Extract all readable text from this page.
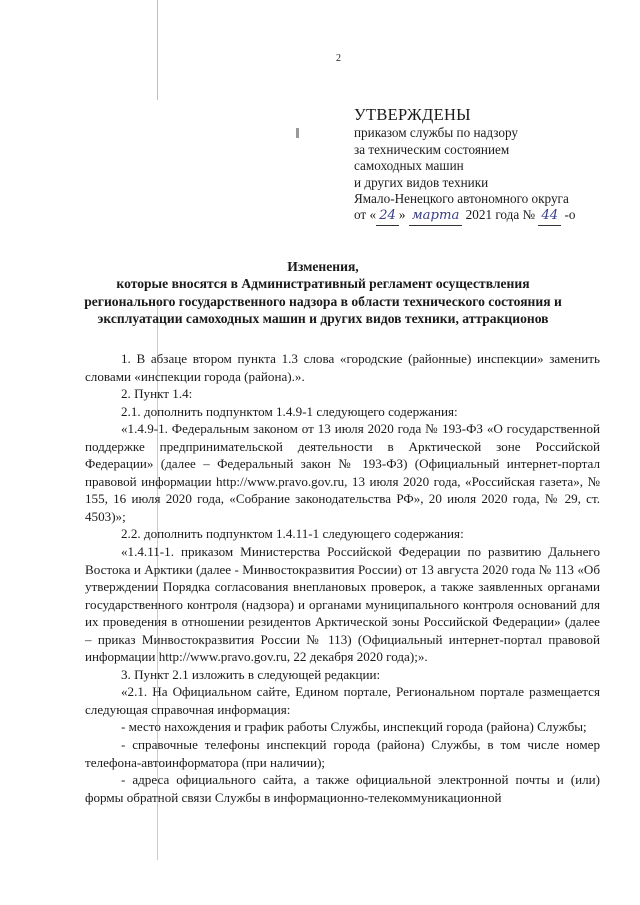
2
УТВЕРЖДЕНЫ
приказом службы по надзору
за техническим состоянием
самоходных машин
и других видов техники
Ямало-Ненецкого автономного округа
от « 24 » марта 2021 года № 44 -о
Изменения,
которые вносятся в Административный регламент осуществления
регионального государственного надзора в области технического состояния и
эксплуатации самоходных машин и других видов техники, аттракционов

1. В абзаце втором пункта 1.3 слова «городские (районные) инспекции» заменить словами «инспекции города (района).».

2. Пункт 1.4:

2.1. дополнить подпунктом 1.4.9-1 следующего содержания:

«1.4.9-1. Федеральным законом от 13 июля 2020 года № 193-ФЗ «О государственной поддержке предпринимательской деятельности в Арктической зоне Российской Федерации» (далее – Федеральный закон № 193-ФЗ) (Официальный интернет-портал правовой информации http://www.pravo.gov.ru, 13 июля 2020 года, «Российская газета», № 155, 16 июля 2020 года, «Собрание законодательства РФ», 20 июля 2020 года, № 29, ст. 4503)»;

2.2. дополнить подпунктом 1.4.11-1 следующего содержания:

«1.4.11-1. приказом Министерства Российской Федерации по развитию Дальнего Востока и Арктики (далее - Минвостокразвития России) от 13 августа 2020 года № 113 «Об утверждении Порядка согласования внеплановых проверок, а также заявленных органами государственного контроля (надзора) и органами муниципального контроля оснований для их проведения в отношении резидентов Арктической зоны Российской Федерации» (далее – приказ Минвостокразвития России № 113) (Официальный интернет-портал правовой информации http://www.pravo.gov.ru, 22 декабря 2020 года);».

3. Пункт 2.1 изложить в следующей редакции:

«2.1. На Официальном сайте, Едином портале, Региональном портале размещается следующая справочная информация:

- место нахождения и график работы Службы, инспекций города (района) Службы;

- справочные телефоны инспекций города (района) Службы, в том числе номер телефона-автоинформатора (при наличии);

- адреса официального сайта, а также официальной электронной почты и (или) формы обратной связи Службы в информационно-телекоммуникационной
